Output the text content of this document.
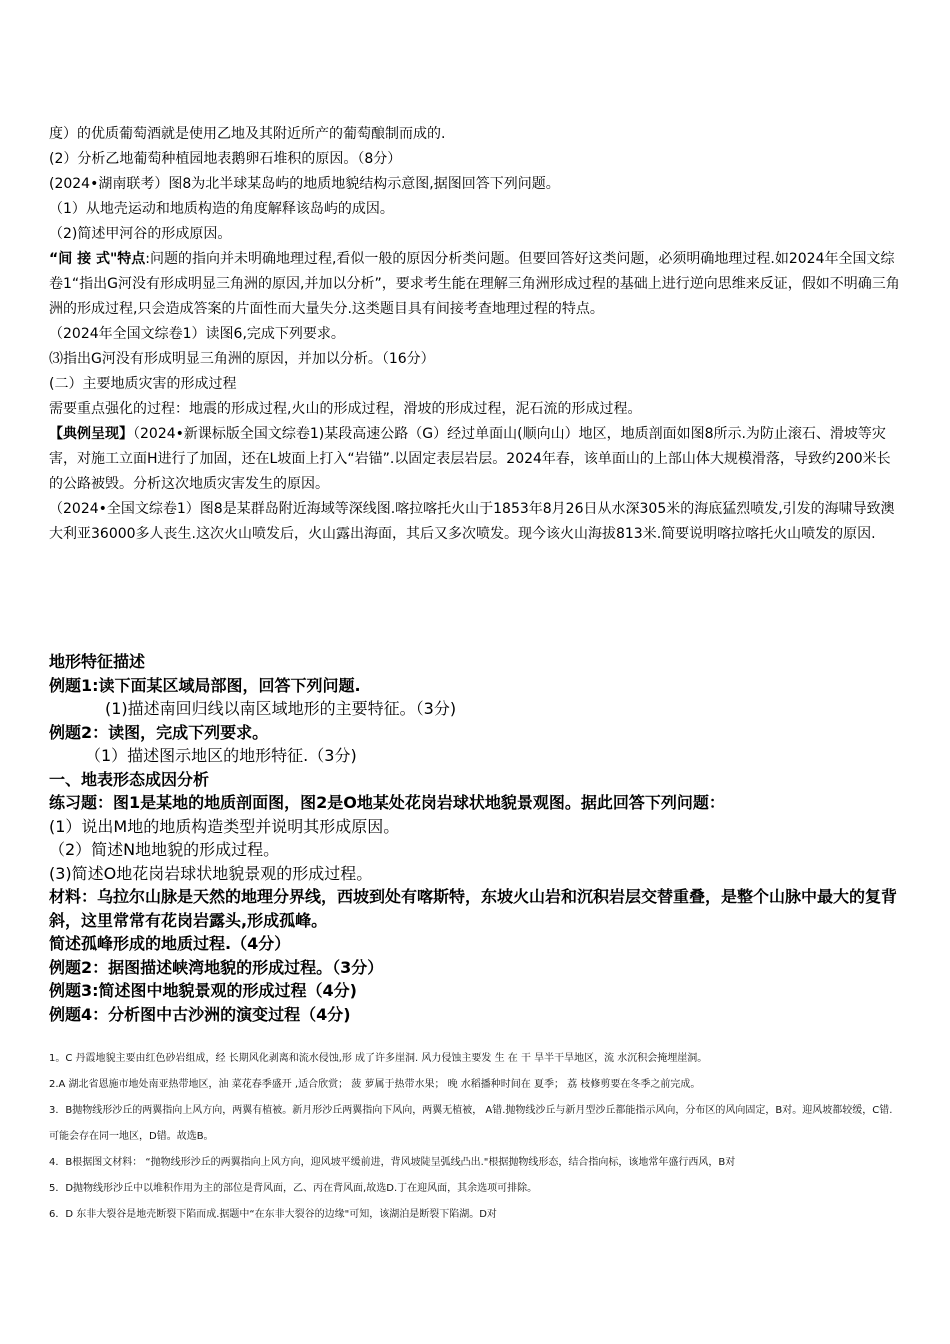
度）的优质葡萄酒就是使用乙地及其附近所产的葡萄酿制而成的.
(2）分析乙地葡萄种植园地表鹅卵石堆积的原因。（8分）
(2024•湖南联考）图8为北半球某岛屿的地质地貌结构示意图,据图回答下列问题。
（1）从地壳运动和地质构造的角度解释该岛屿的成因。
（2)简述甲河谷的形成原因。
“间 接 式"特点:问题的指向并未明确地理过程,看似一般的原因分析类问题。但要回答好这类问题，必须明确地理过程.如2024年全国文综卷1“指出G河没有形成明显三角洲的原因,并加以分析”，要求考生能在理解三角洲形成过程的基础上进行逆向思维来反证，假如不明确三角洲的形成过程,只会造成答案的片面性而大量失分.这类题目具有间接考查地理过程的特点。
（2024年全国文综卷1）读图6,完成下列要求。
⑶指出G河没有形成明显三角洲的原因，并加以分析。（16分）
(二）主要地质灾害的形成过程
需要重点强化的过程：地震的形成过程,火山的形成过程，滑坡的形成过程，泥石流的形成过程。
【典例呈现】（2024•新课标版全国文综卷1)某段高速公路（G）经过单面山(顺向山）地区，地质剖面如图8所示.为防止滚石、滑坡等灾害，对施工立面H进行了加固，还在L坡面上打入“岩锚”.以固定表层岩层。2024年春，该单面山的上部山体大规模滑落，导致约200米长的公路被毁。分析这次地质灾害发生的原因。
（2024•全国文综卷1）图8是某群岛附近海域等深线图.喀拉喀托火山于1853年8月26日从水深305米的海底猛烈喷发,引发的海啸导致澳大利亚36000多人丧生.这次火山喷发后，火山露出海面，其后又多次喷发。现今该火山海拔813米.简要说明喀拉喀托火山喷发的原因.
地形特征描述
例题1:读下面某区域局部图，回答下列问题.
(1)描述南回归线以南区域地形的主要特征。（3分)
例题2：读图，完成下列要求。
（1）描述图示地区的地形特征.（3分)
一、地表形态成因分析
练习题：图1是某地的地质剖面图，图2是O地某处花岗岩球状地貌景观图。据此回答下列问题：
(1）说出M地的地质构造类型并说明其形成原因。
（2）简述N地地貌的形成过程。
(3)简述O地花岗岩球状地貌景观的形成过程。
材料：乌拉尔山脉是天然的地理分界线，西坡到处有喀斯特，东坡火山岩和沉积岩层交替重叠，是整个山脉中最大的复背斜，这里常常有花岗岩露头,形成孤峰。
简述孤峰形成的地质过程.（4分）
例题2：据图描述峡湾地貌的形成过程。（3分）
例题3:简述图中地貌景观的形成过程（4分)
例题4：分析图中古沙洲的演变过程（4分)
1。C 丹霞地貌主要由红色砂岩组成，经 长期风化剥离和流水侵蚀,形 成了许多崖洞. 风力侵蚀主要发 生 在 干 旱半干旱地区，流 水沉积会掩埋崖洞。
2.A 湖北省恩施市地处南亚热带地区，油 菜花春季盛开 ,适合欣赏； 菠 萝属于热带水果； 晚 水稻播种时间在 夏季； 荔 枝修剪要在冬季之前完成。
3．B抛物线形沙丘的两翼指向上风方向，两翼有植被。新月形沙丘两翼指向下风向，两翼无植被， A错.抛物线沙丘与新月型沙丘都能指示风向，分布区的风向固定，B对。迎风坡都较缓，C错.可能会存在同一地区，D错。故选B。
4．B根据图文材料： “抛物线形沙丘的两翼指向上风方向，迎风坡平缓前进，背风坡陡呈弧线凸出."根据抛物线形态，结合指向标，该地常年盛行西风，B对
5．D抛物线形沙丘中以堆积作用为主的部位是背风面，乙、丙在背风面,故选D.丁在迎风面，其余选项可排除。
6．D 东非大裂谷是地壳断裂下陷而成.据题中“在东非大裂谷的边缘"可知，该湖泊是断裂下陷湖。D对
